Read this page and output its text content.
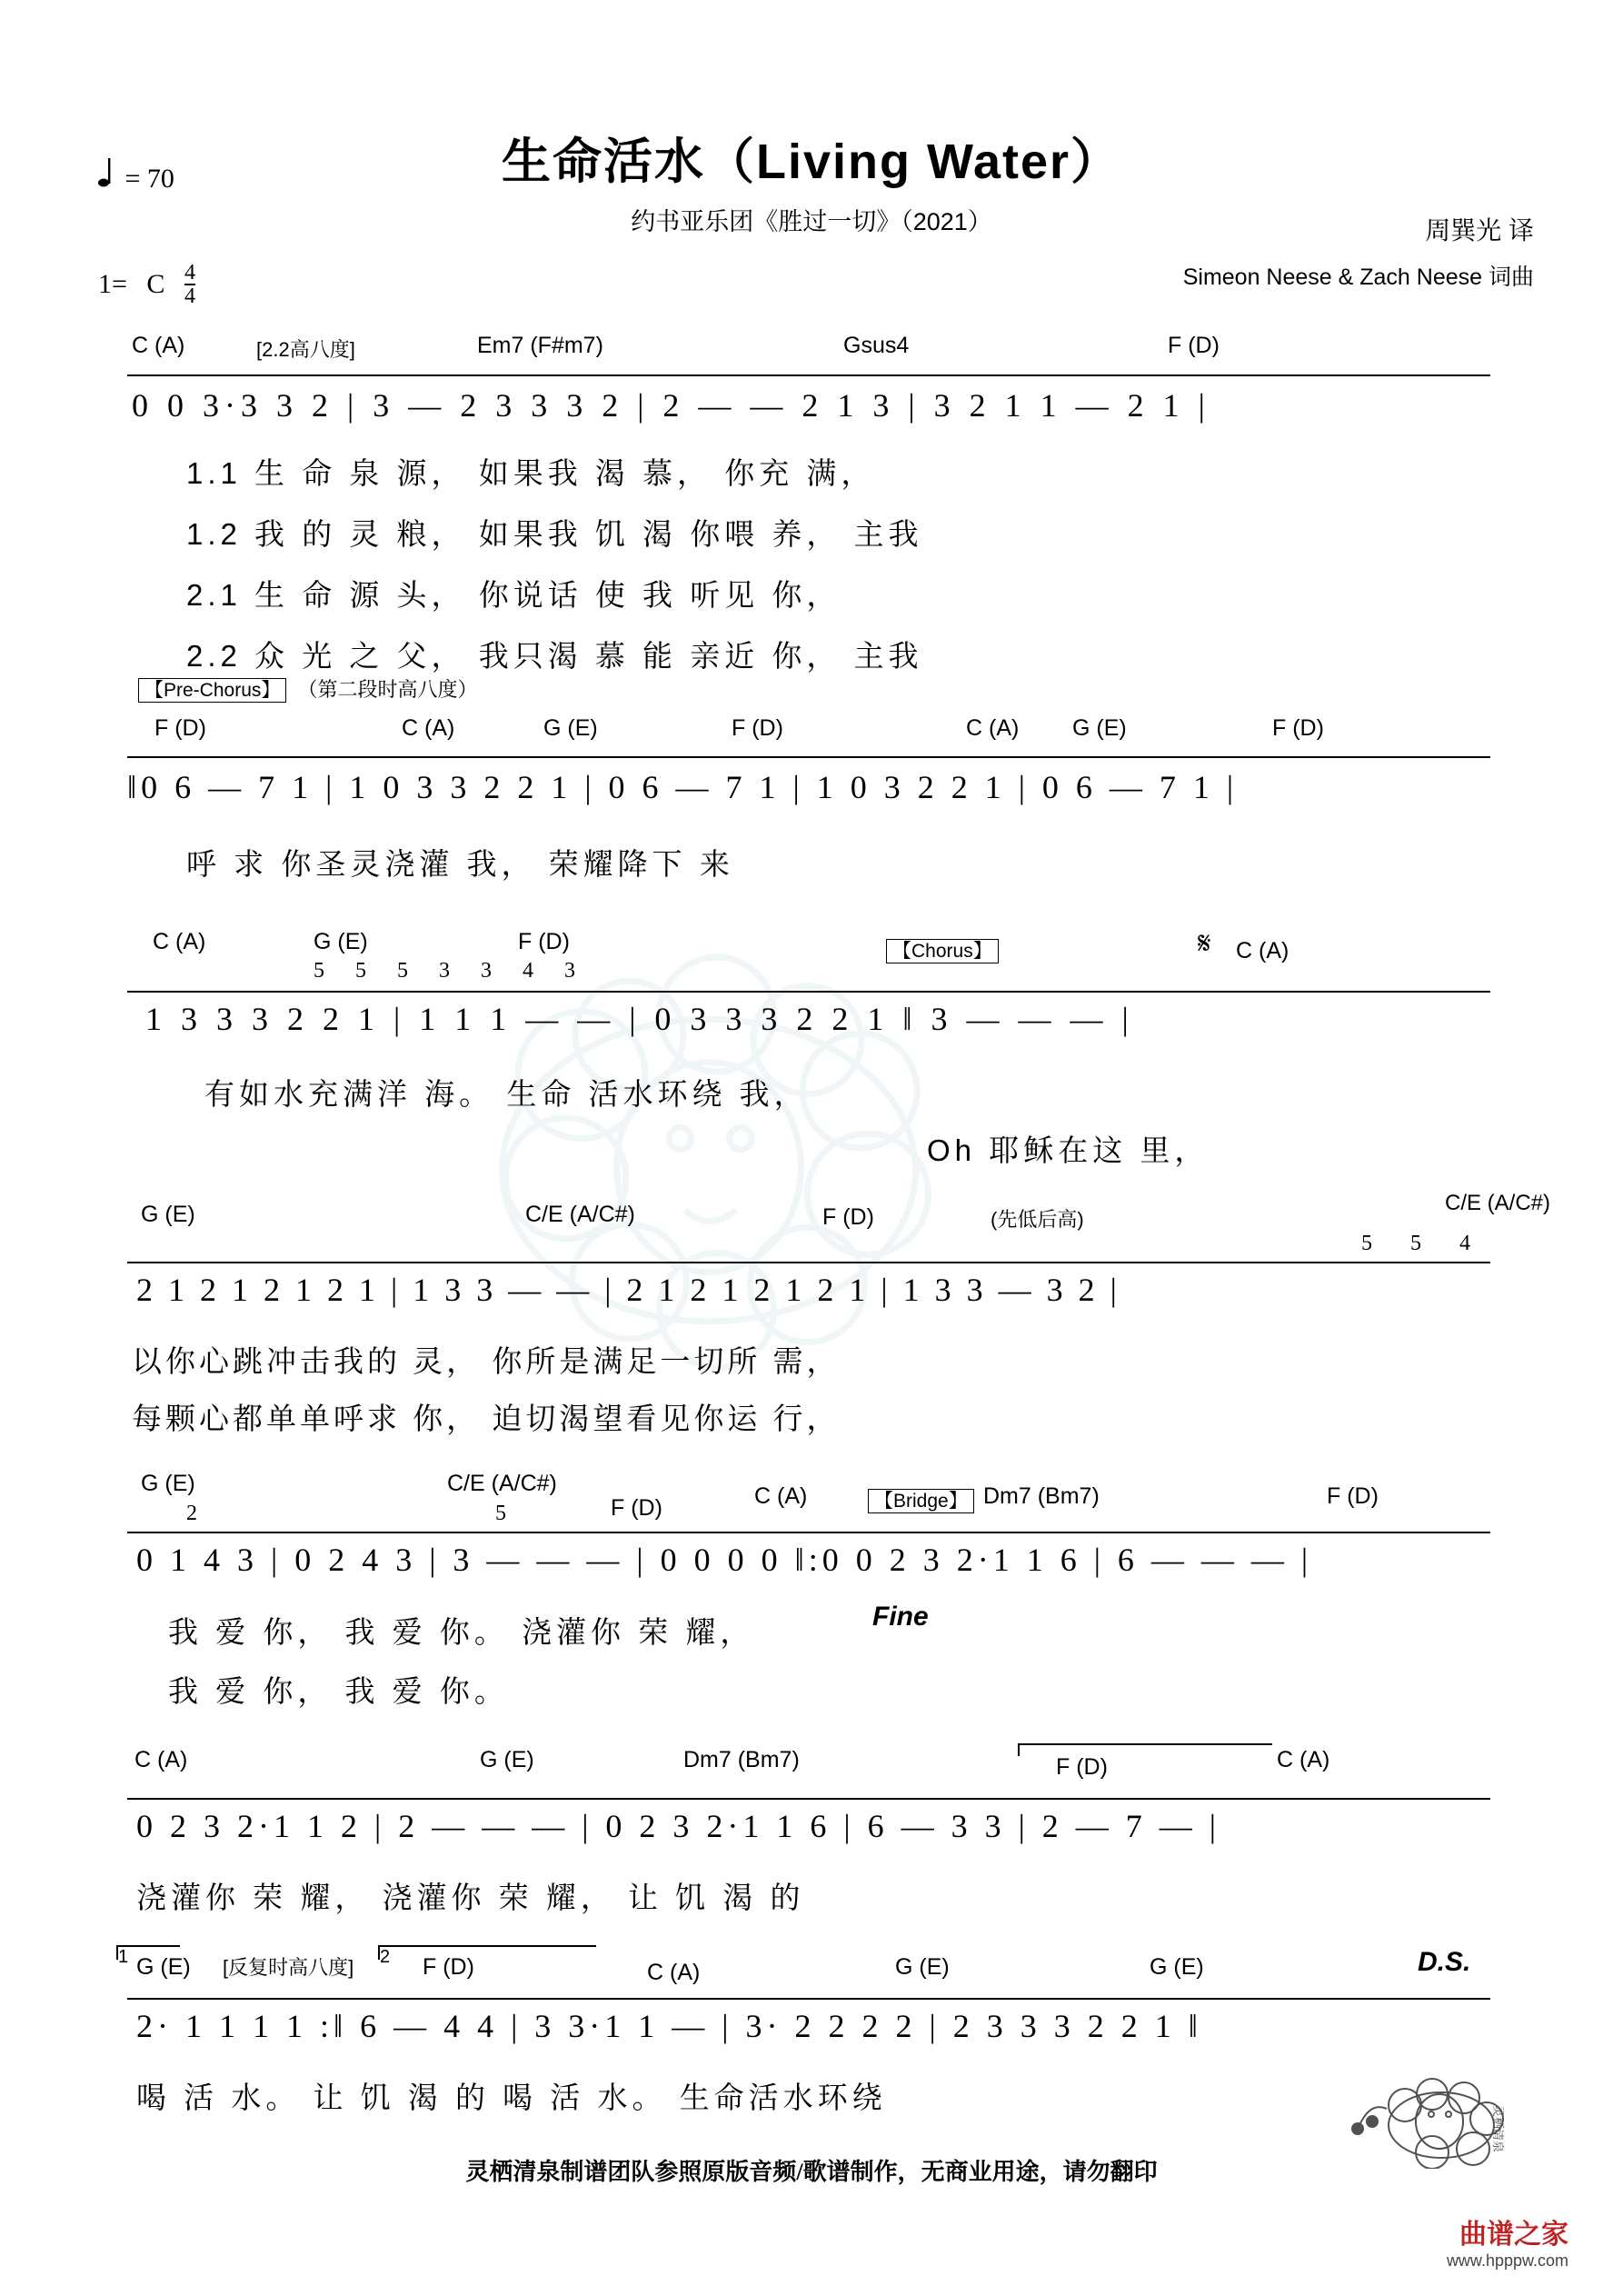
= 70	生命活水（Living Water）
约书亚乐团《胜过一切》（2021）	周巽光 译
Simeon Neese & Zach Neese 词曲
1= C $\frac{4}{4}$
C (A)	[2.2高八度]	Em7 (F#m7)	Gsus4	F (D)
0 0 3·3 3 2 | 3 — 2 3 3 3 2 | 2 — — 2 1 3 | 3 2 1 1 — 2 1 |
1.1 生 命 泉 源， 如果我 渴 慕， 你充 满，
1.2 我 的 灵 粮， 如果我 饥 渴 你喂 养， 主我
2.1 生 命 源 头， 你说话 使 我 听见 你，
2.2 众 光 之 父， 我只渴 慕 能 亲近 你， 主我
【Pre-Chorus】 （第二段时高八度）
F (D)	C (A)	G (E)	F (D)	C (A) G (E)	F (D)
‖0 6 — 7 1 | 1 0 3 3 2 2 1 | 0 6 — 7 1 | 1 0 3 2 2 1 | 0 6 — 7 1 |
呼 求 你圣灵浇灌 我， 荣耀降下 来
C (A)	G (E)	F (D)	【Chorus】	𝄋 C (A)
5 5 5 3 3 4 3
1 3 3 3 2 2 1 | 1 1 1 — — | 0 3 3 3 2 2 1 ‖ 3 — — — |
有如水充满洋 海。 生命 活水环绕 我，
Oh 耶稣在这 里，
G (E)	C/E (A/C#)	F (D)	(先低后高)
C/E (A/C#)
5 5 4
2 1 2 1 2 1 2 1 | 1 3 3 — — | 2 1 2 1 2 1 2 1 | 1 3 3 — 3 2 |
以你心跳冲击我的 灵， 你所是满足一切所 需，
每颗心都单单呼求 你， 迫切渴望看见你运 行，
G (E)	C/E (A/C#)
F (D)	C (A)	【Bridge】 Dm7 (Bm7)	F (D)
2	5
0 1 4 3 | 0 2 4 3 | 3 — — — | 0 0 0 0 ‖:0 0 2 3 2·1 1 6 | 6 — — — |
Fine
我 爱 你， 我 爱 你。 浇灌你 荣 耀，
我 爱 你， 我 爱 你。
C (A)	G (E)	Dm7 (Bm7)	F (D)	C (A)
0 2 3 2·1 1 2 | 2 — — — | 0 2 3 2·1 1 6 | 6 — 3 3 | 2 — 7 — |
浇灌你 荣 耀， 浇灌你 荣 耀， 让 饥 渴 的
1 G (E) [反复时高八度] 2 F (D)	C (A)	G (E)	G (E)	D.S.
2· 1 1 1 1 :‖ 6 — 4 4 | 3 3·1 1 — | 3· 2 2 2 2 | 2 3 3 3 2 2 1 ‖
喝 活 水。 让 饥 渴 的 喝 活 水。 生命活水环绕
灵栖清泉制谱团队参照原版音频/歌谱制作，无商业用途，请勿翻印
灵栖清泉
曲谱之家
www.hpppw.com
